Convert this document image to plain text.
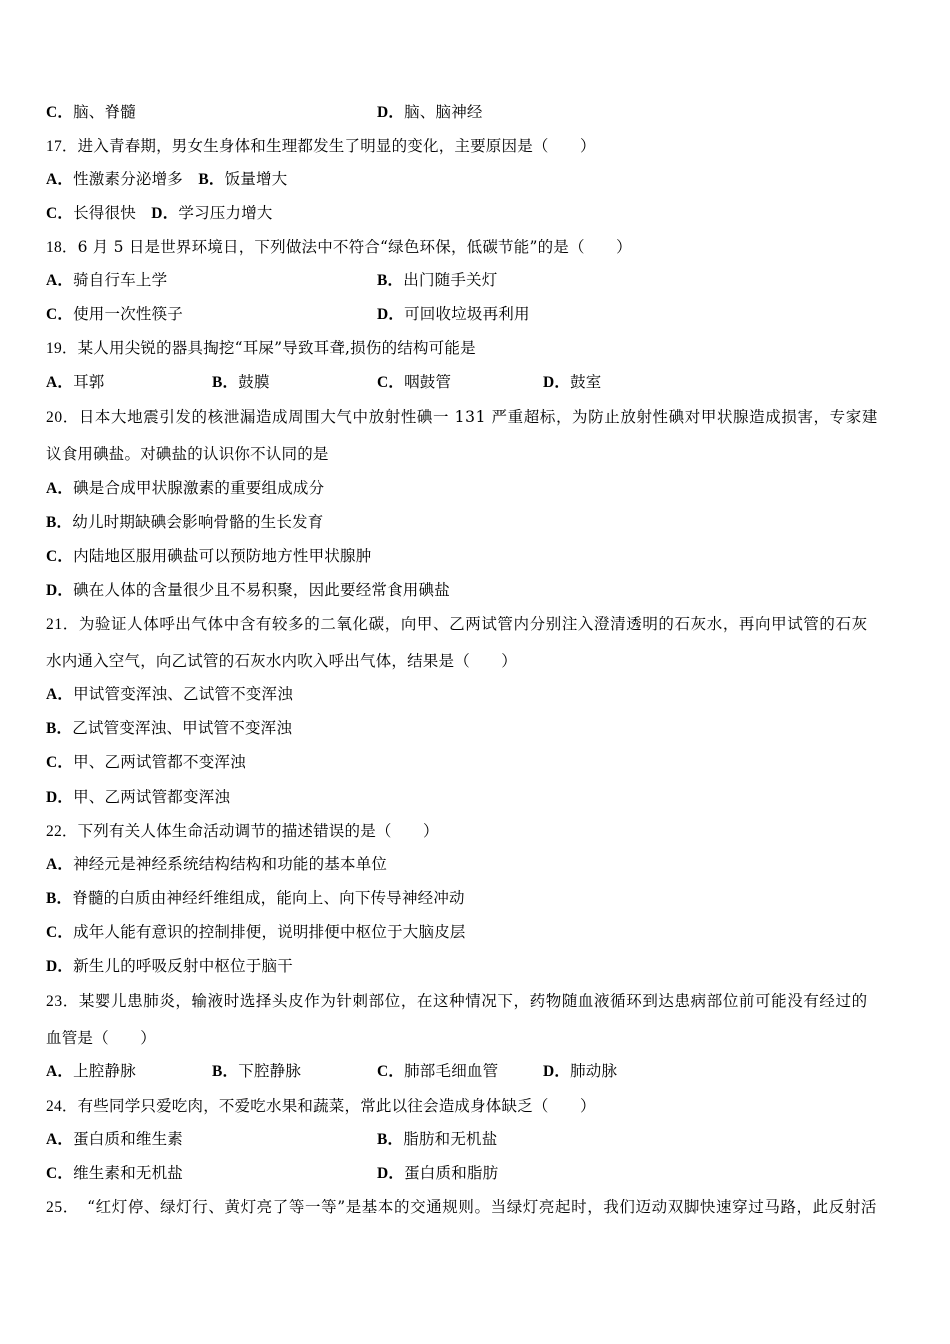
C．脑、脊髓	D．脑、脑神经
17．进入青春期，男女生身体和生理都发生了明显的变化，主要原因是（　　）
A．性激素分泌增多 B．饭量增大
C．长得很快 D．学习压力增大
18．6 月 5 日是世界环境日，下列做法中不符合“绿色环保，低碳节能”的是（　　）
A．骑自行车上学	B．出门随手关灯
C．使用一次性筷子	D．可回收垃圾再利用
19．某人用尖锐的器具掏挖“耳屎”导致耳聋,损伤的结构可能是
A．耳郭	B．鼓膜	C．咽鼓管	D．鼓室
20．日本大地震引发的核泄漏造成周围大气中放射性碘一 131 严重超标，为防止放射性碘对甲状腺造成损害，专家建
议食用碘盐。对碘盐的认识你不认同的是
A．碘是合成甲状腺激素的重要组成成分
B．幼儿时期缺碘会影响骨骼的生长发育
C．内陆地区服用碘盐可以预防地方性甲状腺肿
D．碘在人体的含量很少且不易积聚，因此要经常食用碘盐
21．为验证人体呼出气体中含有较多的二氧化碳，向甲、乙两试管内分别注入澄清透明的石灰水，再向甲试管的石灰
水内通入空气，向乙试管的石灰水内吹入呼出气体，结果是（　　）
A．甲试管变浑浊、乙试管不变浑浊
B．乙试管变浑浊、甲试管不变浑浊
C．甲、乙两试管都不变浑浊
D．甲、乙两试管都变浑浊
22．下列有关人体生命活动调节的描述错误的是（　　）
A．神经元是神经系统结构结构和功能的基本单位
B．脊髓的白质由神经纤维组成，能向上、向下传导神经冲动
C．成年人能有意识的控制排便，说明排便中枢位于大脑皮层
D．新生儿的呼吸反射中枢位于脑干
23．某婴儿患肺炎，输液时选择头皮作为针刺部位，在这种情况下，药物随血液循环到达患病部位前可能没有经过的
血管是（　　）
A．上腔静脉	B．下腔静脉	C．肺部毛细血管	D．肺动脉
24．有些同学只爱吃肉，不爱吃水果和蔬菜，常此以往会造成身体缺乏（　　）
A．蛋白质和维生素	B．脂肪和无机盐
C．维生素和无机盐	D．蛋白质和脂肪
25．　“红灯停、绿灯行、黄灯亮了等一等”是基本的交通规则。当绿灯亮起时，我们迈动双脚快速穿过马路，此反射活
